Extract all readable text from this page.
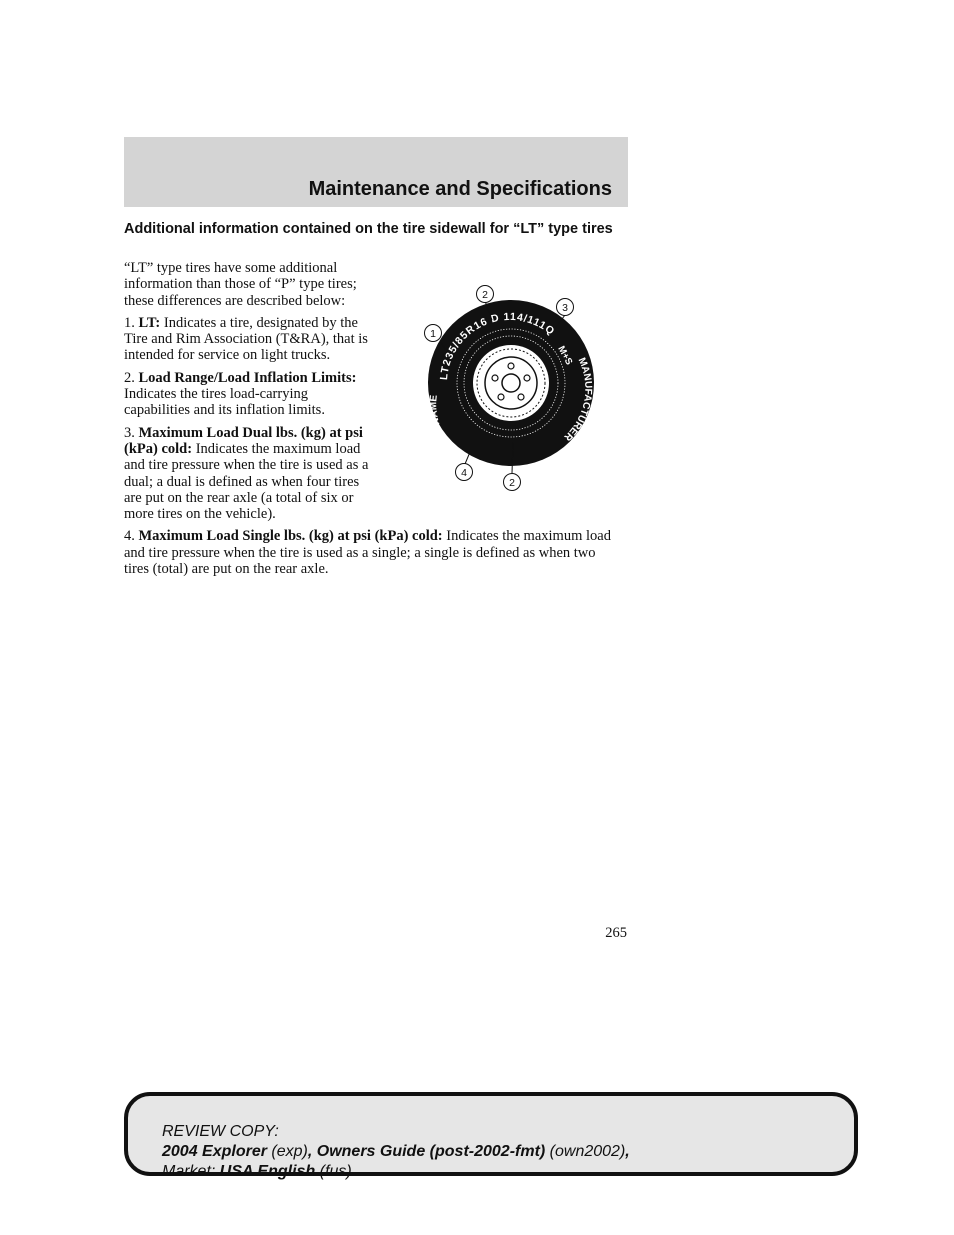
Maintenance and Specifications
Additional information contained on the tire sidewall for “LT” type tires

“LT” type tires have some additional information than those of “P” type tires; these differences are described below:

1. LT: Indicates a tire, designated by the Tire and Rim Association (T&RA), that is intended for service on light trucks.

2. Load Range/Load Inflation Limits: Indicates the tires load-carrying capabilities and its inflation limits.

3. Maximum Load Dual lbs. (kg) at psi (kPa) cold: Indicates the maximum load and tire pressure when the tire is used as a dual; a dual is defined as when four tires are put on the rear axle (a total of six or more tires on the vehicle).

4. Maximum Load Single lbs. (kg) at psi (kPa) cold: Indicates the maximum load and tire pressure when the tire is used as a single; a single is defined as when two tires (total) are put on the rear axle.

LT235/85R16 D 114/111Q
TIRE NAME
MANUFACTURER
M+S
1
2
3
4
2
265
REVIEW COPY:
2004 Explorer (exp), Owners Guide (post-2002-fmt) (own2002),
Market: USA English (fus)
